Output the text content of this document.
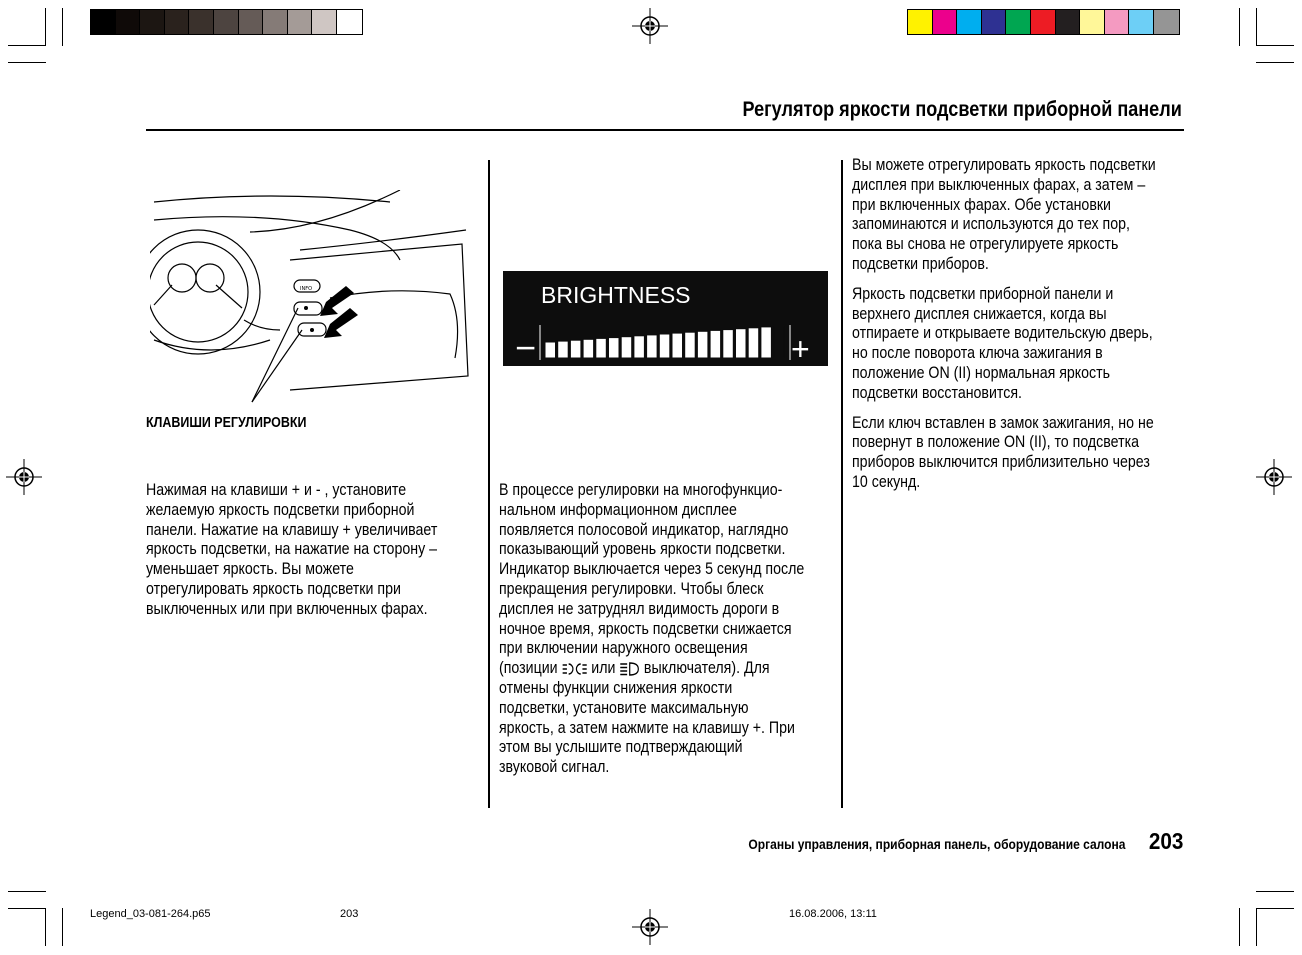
Регулятор яркости подсветки приборной панели
INFO
КЛАВИШИ РЕГУЛИРОВКИ
BRIGHTNESS
−	+

Нажимая на клавиши + и - , установите
желаемую яркость подсветки приборной
панели. Нажатие на клавишу + увеличивает
яркость подсветки, на нажатие на сторону –
уменьшает яркость. Вы можете
отрегулировать яркость подсветки при
выключенных или при включенных фарах.

В процессе регулировки на многофункцио-
нальном информационном дисплее
появляется полосовой индикатор, наглядно
показывающий уровень яркости подсветки.
Индикатор выключается через 5 секунд после
прекращения регулировки. Чтобы блеск
дисплея не затруднял видимость дороги в
ночное время, яркость подсветки снижается
при включении наружного освещения
(позиции или выключателя). Для
отмены функции снижения яркости
подсветки, установите максимальную
яркость, а затем нажмите на клавишу +. При
этом вы услышите подтверждающий
звуковой сигнал.

Вы можете отрегулировать яркость подсветки
дисплея при выключенных фарах, а затем –
при включенных фарах. Обе установки
запоминаются и используются до тех пор,
пока вы снова не отрегулируете яркость
подсветки приборов.

Яркость подсветки приборной панели и
верхнего дисплея снижается, когда вы
отпираете и открываете водительскую дверь,
но после поворота ключа зажигания в
положение ON (II) нормальная яркость
подсветки восстановится.

Если ключ вставлен в замок зажигания, но не
повернут в положение ON (II), то подсветка
приборов выключится приблизительно через
10 секунд.

Органы управления, приборная панель, оборудование салона 203
Legend_03-081-264.p65	203	16.08.2006, 13:11
